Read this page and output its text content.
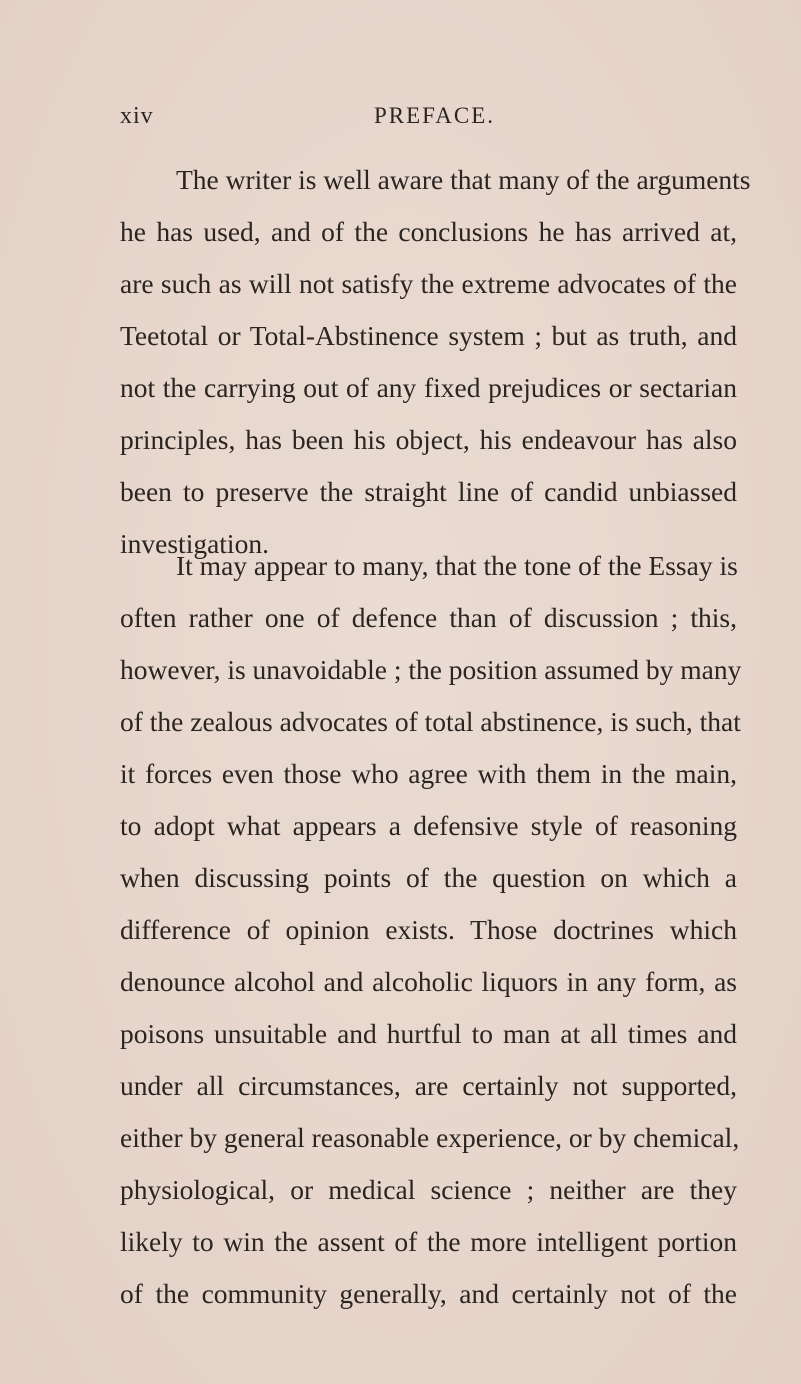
xiv	PREFACE.
The writer is well aware that many of the arguments
he has used, and of the conclusions he has arrived at,
are such as will not satisfy the extreme advocates of the
Teetotal or Total-Abstinence system ; but as truth, and
not the carrying out of any fixed prejudices or sectarian
principles, has been his object, his endeavour has also
been to preserve the straight line of candid unbiassed
investigation.
It may appear to many, that the tone of the Essay is
often rather one of defence than of discussion ; this,
however, is unavoidable ; the position assumed by many
of the zealous advocates of total abstinence, is such, that
it forces even those who agree with them in the main,
to adopt what appears a defensive style of reasoning
when discussing points of the question on which a
difference of opinion exists. Those doctrines which
denounce alcohol and alcoholic liquors in any form, as
poisons unsuitable and hurtful to man at all times and
under all circumstances, are certainly not supported,
either by general reasonable experience, or by chemical,
physiological, or medical science ; neither are they
likely to win the assent of the more intelligent portion
of the community generally, and certainly not of the
